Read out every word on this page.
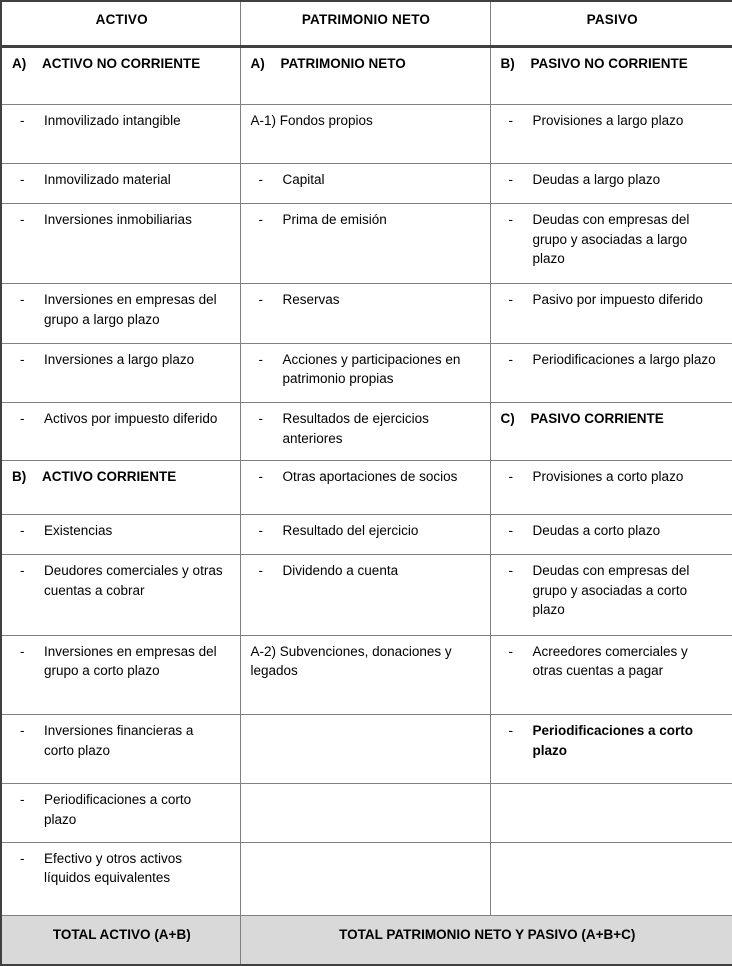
ACTIVO	PATRIMONIO NETO	PASIVO
A) ACTIVO NO CORRIENTE	A) PATRIMONIO NETO	B) PASIVO NO CORRIENTE

- Inmovilizado intangible	A-1) Fondos propios	- Provisiones a largo plazo

- Inmovilizado material	- Capital	- Deudas a largo plazo

- Inversiones inmobiliarias	- Prima de emisión	- Deudas con empresas del grupo y asociadas a largo plazo

- Inversiones en empresas del grupo a largo plazo	- Reservas	- Pasivo por impuesto diferido

- Inversiones a largo plazo	- Acciones y participaciones en patrimonio propias	- Periodificaciones a largo plazo

- Activos por impuesto diferido	- Resultados de ejercicios anteriores	C) PASIVO CORRIENTE
B) ACTIVO CORRIENTE	- Otras aportaciones de socios	- Provisiones a corto plazo

- Existencias	- Resultado del ejercicio	- Deudas a corto plazo

- Deudores comerciales y otras cuentas a cobrar	- Dividendo a cuenta	- Deudas con empresas del grupo y asociadas a corto plazo

- Inversiones en empresas del grupo a corto plazo	A-2) Subvenciones, donaciones y legados	- Acreedores comerciales y otras cuentas a pagar

- Inversiones financieras a corto plazo		- Periodificaciones a corto plazo

- Periodificaciones a corto plazo		

- Efectivo y otros activos líquidos equivalentes		

TOTAL ACTIVO (A+B)	TOTAL PATRIMONIO NETO Y PASIVO (A+B+C)	
